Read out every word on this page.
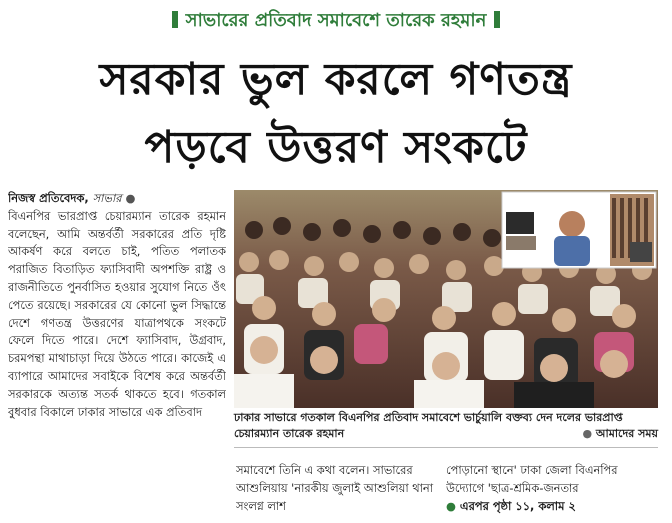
সাভারের প্রতিবাদ সমাবেশে তারেক রহমান
সরকার ভুল করলে গণতন্ত্র
পড়বে উত্তরণ সংকটে
নিজস্ব প্রতিবেদক, সাভার ●
বিএনপির ভারপ্রাপ্ত চেয়ারম্যান তারেক রহমান বলেছেন, আমি অন্তর্বর্তী সরকারের প্রতি দৃষ্টি আকর্ষণ করে বলতে চাই, পতিত পলাতক পরাজিত বিতাড়িত ফ্যাসিবাদী অপশক্তি রাষ্ট্র ও রাজনীতিতে পুনর্বাসিত হওয়ার সুযোগ নিতে ওঁৎ পেতে রয়েছে। সরকারের যে কোনো ভুল সিদ্ধান্তে দেশে গণতন্ত্র উত্তরণের যাত্রাপথকে সংকটে ফেলে দিতে পারে। দেশে ফ্যাসিবাদ, উগ্রবাদ, চরমপন্থা মাথাচাড়া দিয়ে উঠতে পারে। কাজেই এ ব্যাপারে আমাদের সবাইকে বিশেষ করে অন্তর্বর্তী সরকারকে অত্যন্ত সতর্ক থাকতে হবে। গতকাল বুধবার বিকালে ঢাকার সাভারে এক প্রতিবাদ	ঢাকার সাভারে গতকাল বিএনপির প্রতিবাদ সমাবেশে ভার্চুয়ালি বক্তব্য দেন দলের ভারপ্রাপ্ত চেয়ারম্যান তারেক রহমান	● আমাদের সময়
সমাবেশে তিনি এ কথা বলেন। সাভারের আশুলিয়ায় 'নারকীয় জুলাই আশুলিয়া থানা সংলগ্ন লাশ
পোড়ানো স্থানে' ঢাকা জেলা বিএনপির উদ্যোগে 'ছাত্র-শ্রমিক-জনতার
● এরপর পৃষ্ঠা ১১, কলাম ২
